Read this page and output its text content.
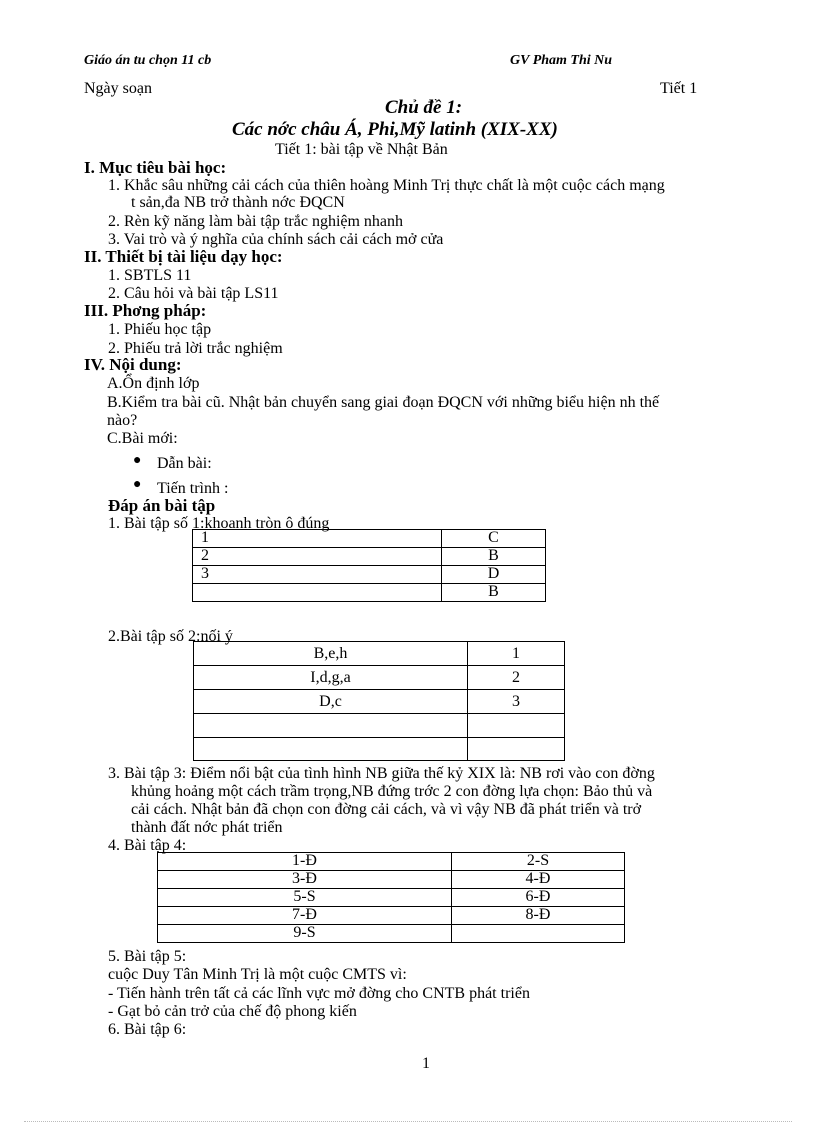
Giáo án tu chọn 11 cb	GV Pham Thi Nu
Ngày soạn	Tiết 1
Chủ đề 1:
Các nớc châu Á, Phi,Mỹ latinh (XIX-XX)
Tiết 1: bài tập về Nhật Bản
I. Mục tiêu bài học:
1. Khắc sâu những cải cách của thiên hoàng Minh Trị thực chất là một cuộc cách mạng
t sản,đa NB trở thành nớc ĐQCN
2. Rèn kỹ năng làm bài tập trắc nghiệm nhanh
3. Vai trò và ý nghĩa của chính sách cải cách mở cửa
II. Thiết bị tài liệu dạy học:
1. SBTLS 11
2. Câu hỏi và bài tập LS11
III. Phơng pháp:
1. Phiếu học tập
2. Phiếu trả lời trắc nghiệm
IV. Nội dung:
A.Ổn định lớp
B.Kiểm tra bài cũ. Nhật bản chuyển sang giai đoạn ĐQCN với những biểu hiện nh thế
nào?
C.Bài mới:
● Dẫn bài:
● Tiến trình :
Đáp án bài tập
1. Bài tập số 1:khoanh tròn ô đúng
1	C
2	B
3	D
	B
2.Bài tập số 2:nối ý
B,e,h	1
I,d,g,a	2
D,c	3

3. Bài tập 3: Điểm nổi bật của tình hình NB giữa thế kỷ XIX là: NB rơi vào con đờng
khủng hoảng một cách trầm trọng,NB đứng trớc 2 con đờng lựa chọn: Bảo thủ và
cải cách. Nhật bản đã chọn con đờng cải cách, và vì vậy NB đã phát triển và trở
thành đất nớc phát triển
4. Bài tập 4:
1-Đ	2-S
3-Đ	4-Đ
5-S	6-Đ
7-Đ	8-Đ
9-S	
5. Bài tập 5:
cuộc Duy Tân Minh Trị là một cuộc CMTS vì:
- Tiến hành trên tất cả các lĩnh vực mở đờng cho CNTB phát triển
- Gạt bỏ cản trở của chế độ phong kiến
6. Bài tập 6:
1
